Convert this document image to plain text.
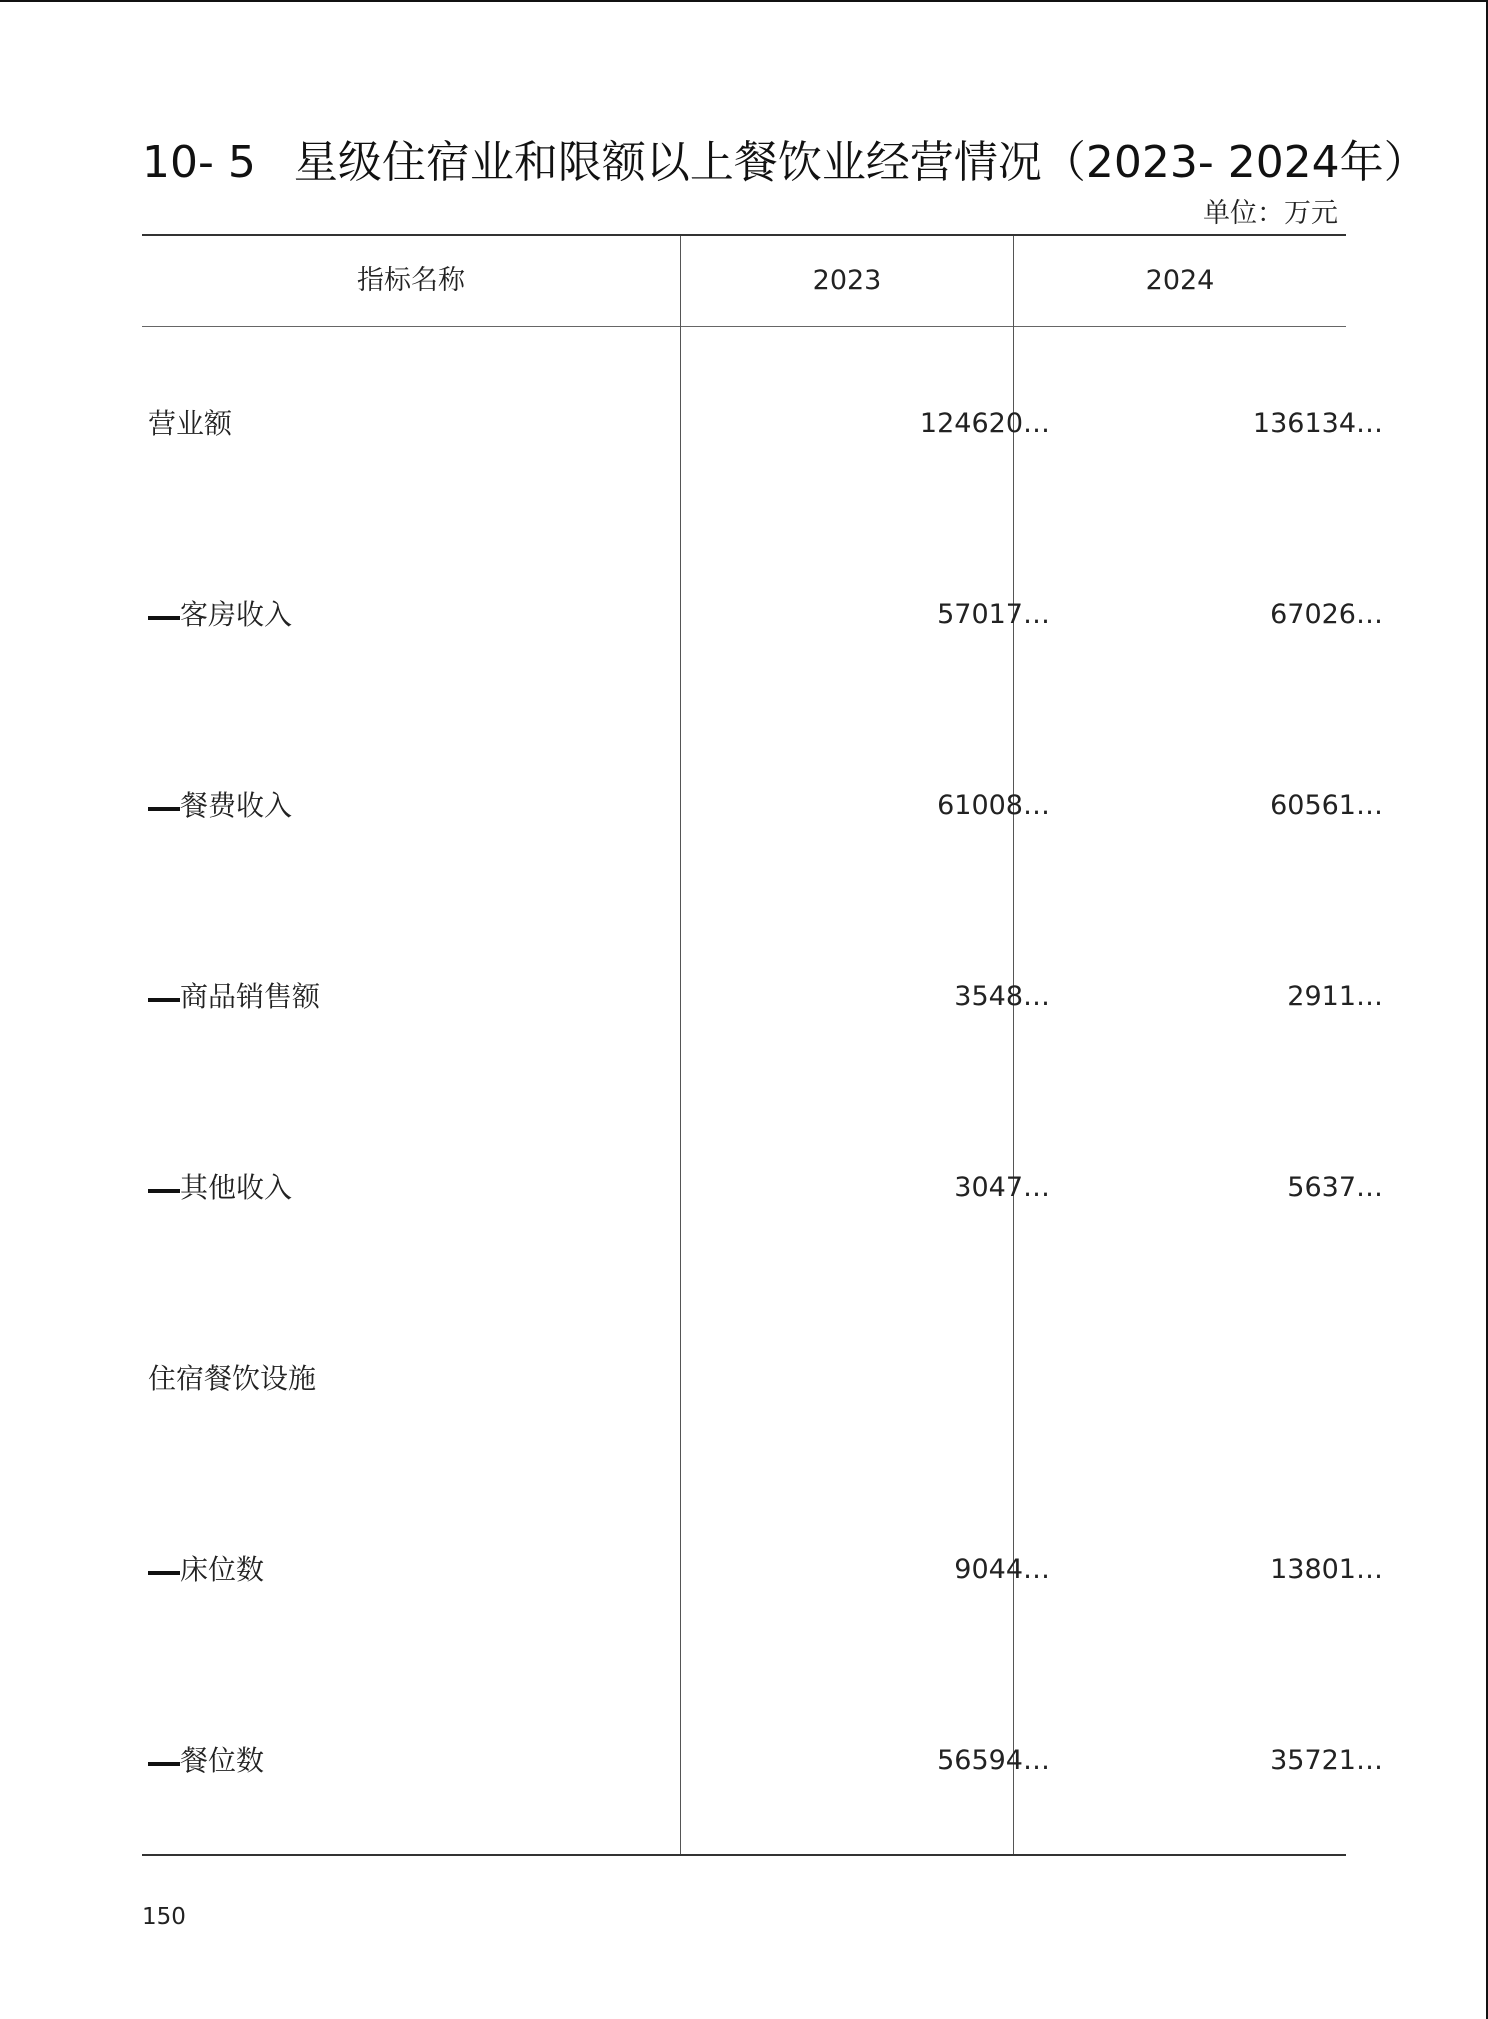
10- 5 星级住宿业和限额以上餐饮业经营情况（2023- 2024年）
单位：万元
指标名称	2023	2024
营业额	124620…	136134…
客房收入	57017…	67026…
餐费收入	61008…	60561…
商品销售额	3548…	2911…
其他收入	3047…	5637…
住宿餐饮设施
床位数	9044…	13801…
餐位数	56594…	35721…
150
